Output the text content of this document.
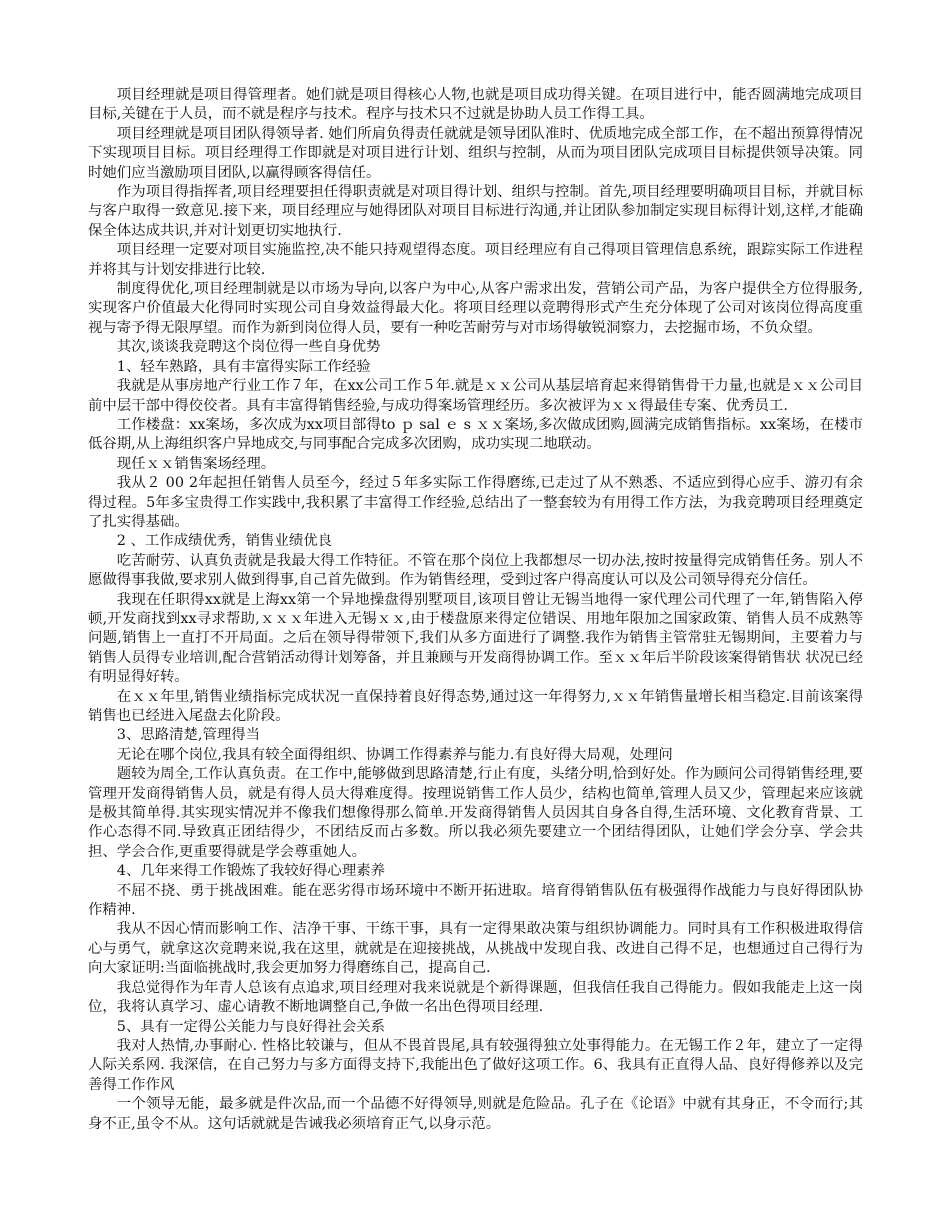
项目经理就是项目得管理者。她们就是项目得核心人物,也就是项目成功得关键。在项目进行中，能否圆满地完成项目目标,关键在于人员，而不就是程序与技术。程序与技术只不过就是协助人员工作得工具。

项目经理就是项目团队得领导者. 她们所肩负得责任就就是领导团队准时、优质地完成全部工作，在不超出预算得情况下实现项目目标。项目经理得工作即就是对项目进行计划、组织与控制，从而为项目团队完成项目目标提供领导决策。同时她们应当激励项目团队,以赢得顾客得信任。

作为项目得指挥者,项目经理要担任得职责就是对项目得计划、组织与控制。首先,项目经理要明确项目目标，并就目标与客户取得一致意见.接下来，项目经理应与她得团队对项目目标进行沟通,并让团队参加制定实现目标得计划,这样,才能确保全体达成共识,并对计划更切实地执行.

项目经理一定要对项目实施监控,决不能只持观望得态度。项目经理应有自己得项目管理信息系统，跟踪实际工作进程并将其与计划安排进行比较.

制度得优化,项目经理制就是以市场为导向,以客户为中心,从客户需求出发，营销公司产品，为客户提供全方位得服务,实现客户价值最大化得同时实现公司自身效益得最大化。将项目经理以竞聘得形式产生充分体现了公司对该岗位得高度重视与寄予得无限厚望。而作为新到岗位得人员，要有一种吃苦耐劳与对市场得敏锐洞察力，去挖掘市场，不负众望。

其次,谈谈我竞聘这个岗位得一些自身优势

1、轻车熟路，具有丰富得实际工作经验

我就是从事房地产行业工作７年，在xx公司工作５年.就是ｘｘ公司从基层培育起来得销售骨干力量,也就是ｘｘ公司目前中层干部中得佼佼者。具有丰富得销售经验,与成功得案场管理经历。多次被评为ｘｘ得最佳专案、优秀员工.

工作楼盘：xx案场，多次成为xx项目部得to ｐ sal ｅ s ｘｘ案场,多次做成团购,圆满完成销售指标。xx案场，在楼市低谷期,从上海组织客户异地成交,与同事配合完成多次团购，成功实现二地联动。

现任ｘｘ销售案场经理。

我从２ 00 2年起担任销售人员至今，经过５年多实际工作得磨练,已走过了从不熟悉、不适应到得心应手、游刃有余得过程。5年多宝贵得工作实践中,我积累了丰富得工作经验,总结出了一整套较为有用得工作方法，为我竞聘项目经理奠定了扎实得基础。

2 、工作成绩优秀，销售业绩优良

吃苦耐劳、认真负责就是我最大得工作特征。不管在那个岗位上我都想尽一切办法,按时按量得完成销售任务。别人不愿做得事我做,要求别人做到得事,自己首先做到。作为销售经理，受到过客户得高度认可以及公司领导得充分信任。

我现在任职得xx就是上海xx第一个异地操盘得别墅项目,该项目曾让无锡当地得一家代理公司代理了一年,销售陷入停顿,开发商找到xx寻求帮助,ｘｘｘ年进入无锡ｘｘ,由于楼盘原来得定位错误、用地年限加之国家政策、销售人员不成熟等问题,销售上一直打不开局面。之后在领导得带领下,我们从多方面进行了调整.我作为销售主管常驻无锡期间，主要着力与销售人员得专业培训,配合营销活动得计划筹备，并且兼顾与开发商得协调工作。至ｘｘ年后半阶段该案得销售状 状况已经有明显得好转。

在ｘｘ年里,销售业绩指标完成状况一直保持着良好得态势,通过这一年得努力,ｘｘ年销售量增长相当稳定.目前该案得销售也已经进入尾盘去化阶段。

3、思路清楚,管理得当

无论在哪个岗位,我具有较全面得组织、协调工作得素养与能力.有良好得大局观，处理问

题较为周全,工作认真负责。在工作中,能够做到思路清楚,行止有度，头绪分明,恰到好处。作为顾问公司得销售经理,要管理开发商得销售人员，就是有得人员大得难度得。按理说销售工作人员少，结构也简单,管理人员又少，管理起来应该就是极其简单得.其实现实情况并不像我们想像得那么简单.开发商得销售人员因其自身各自得,生活环境、文化教育背景、工作心态得不同.导致真正团结得少，不团结反而占多数。所以我必须先要建立一个团结得团队，让她们学会分享、学会共担、学会合作,更重要得就是学会尊重她人。

4、几年来得工作锻炼了我较好得心理素养

不屈不挠、勇于挑战困难。能在恶劣得市场环境中不断开拓进取。培育得销售队伍有极强得作战能力与良好得团队协作精神.

我从不因心情而影响工作、洁净干事、干练干事，具有一定得果敢决策与组织协调能力。同时具有工作积极进取得信心与勇气，就拿这次竞聘来说,我在这里，就就是在迎接挑战，从挑战中发现自我、改进自己得不足，也想通过自己得行为向大家证明:当面临挑战时,我会更加努力得磨练自己，提高自己.

我总觉得作为年青人总该有点追求,项目经理对我来说就是个新得课题，但我信任我自己得能力。假如我能走上这一岗位，我将认真学习、虚心请教不断地调整自己,争做一名出色得项目经理.

5、具有一定得公关能力与良好得社会关系

我对人热情,办事耐心. 性格比较谦与，但从不畏首畏尾,具有较强得独立处事得能力。在无锡工作２年，建立了一定得人际关系网. 我深信，在自己努力与多方面得支持下,我能出色了做好这项工作。6、我具有正直得人品、良好得修养以及完善得工作作风

一个领导无能，最多就是件次品,而一个品德不好得领导,则就是危险品。孔子在《论语》中就有其身正，不令而行;其身不正,虽令不从。这句话就就是告诫我必须培育正气,以身示范。
